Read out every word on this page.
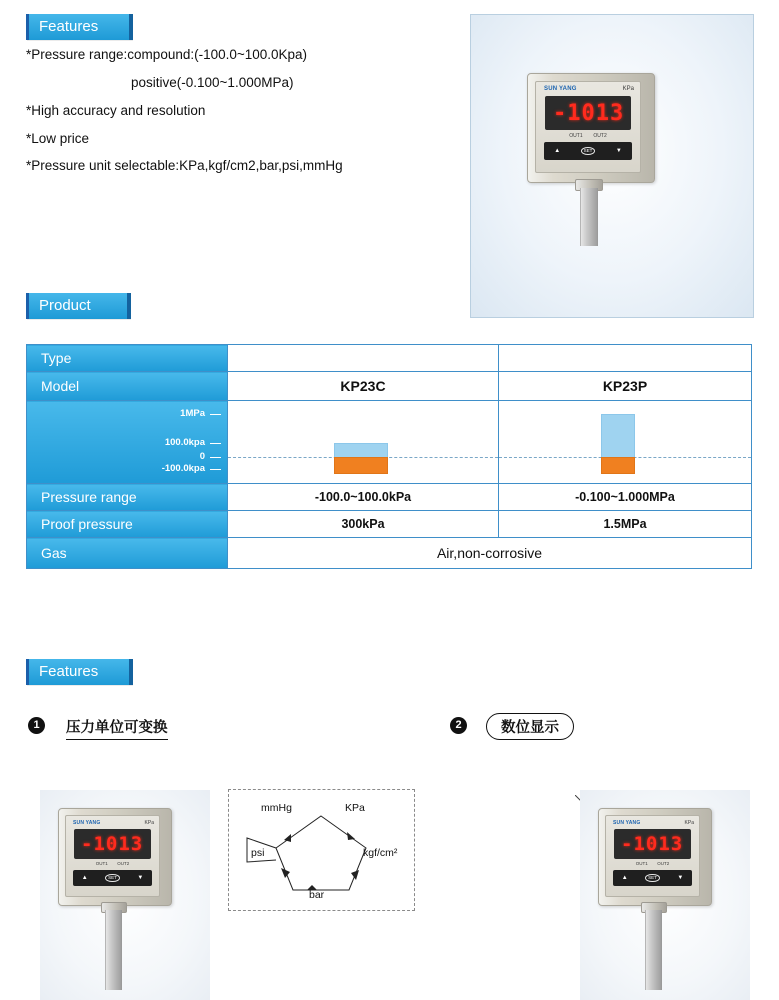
Features
*Pressure range:compound:(-100.0~100.0Kpa)
positive(-0.100~1.000MPa)
*High accuracy and resolution
*Low price
*Pressure unit selectable:KPa,kgf/cm2,bar,psi,mmHg
SUN YANG	KPa
-1013
OUT1 OUT2
▲	SET	▼
Product
Type		
Model	KP23C	KP23P

1MPa
100.0kpa
0
-100.0kpa		

Pressure range	-100.0~100.0kPa	-0.100~1.000MPa
Proof pressure	300kPa	1.5MPa
Gas	Air,non-corrosive	
Features
1	压力单位可变换
SUN YANG	KPa
-1013
OUT1 OUT2
▲	SET	▼
mmHg	KPa
kgf/cm²
bar
psi
2	数位显示
SUN YANG	KPa
-1013
OUT1 OUT2
▲	SET	▼
